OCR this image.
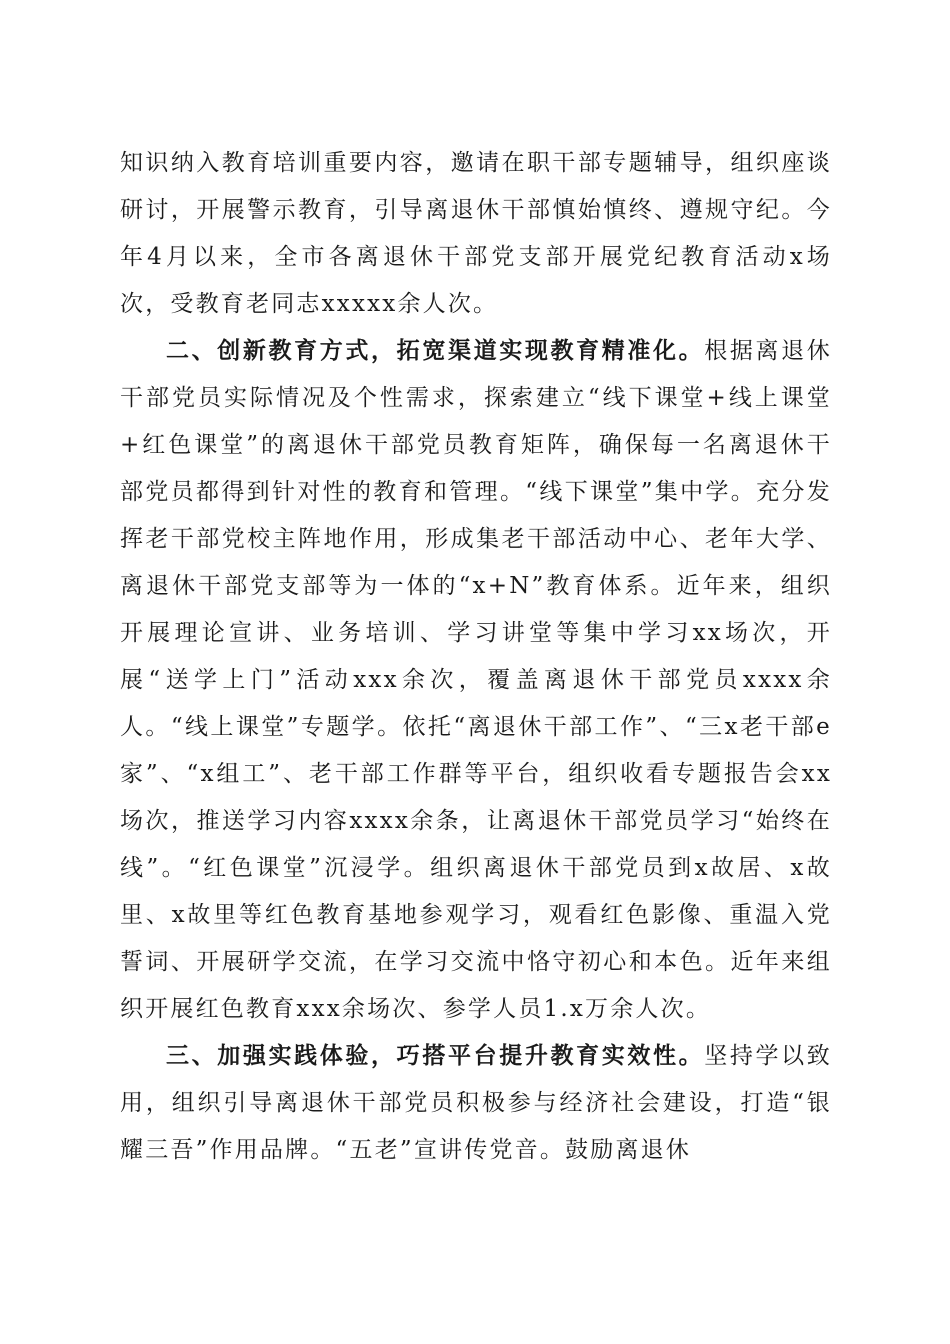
知识纳入教育培训重要内容，邀请在职干部专题辅导，组织座谈研讨，开展警示教育，引导离退休干部慎始慎终、遵规守纪。今年4月以来，全市各离退休干部党支部开展党纪教育活动x场次，受教育老同志xxxxx余人次。

二、创新教育方式，拓宽渠道实现教育精准化。根据离退休干部党员实际情况及个性需求，探索建立“线下课堂+线上课堂+红色课堂”的离退休干部党员教育矩阵，确保每一名离退休干部党员都得到针对性的教育和管理。“线下课堂”集中学。充分发挥老干部党校主阵地作用，形成集老干部活动中心、老年大学、离退休干部党支部等为一体的“x+N”教育体系。近年来，组织开展理论宣讲、业务培训、学习讲堂等集中学习xx场次，开展“送学上门”活动xxx余次，覆盖离退休干部党员xxxx余人。“线上课堂”专题学。依托“离退休干部工作”、“三x老干部e家”、“x组工”、老干部工作群等平台，组织收看专题报告会xx场次，推送学习内容xxxx余条，让离退休干部党员学习“始终在线”。“红色课堂”沉浸学。组织离退休干部党员到x故居、x故里、x故里等红色教育基地参观学习，观看红色影像、重温入党誓词、开展研学交流，在学习交流中恪守初心和本色。近年来组织开展红色教育xxx余场次、参学人员1.x万余人次。

三、加强实践体验，巧搭平台提升教育实效性。坚持学以致用，组织引导离退休干部党员积极参与经济社会建设，打造“银耀三吾”作用品牌。“五老”宣讲传党音。鼓励离退休
